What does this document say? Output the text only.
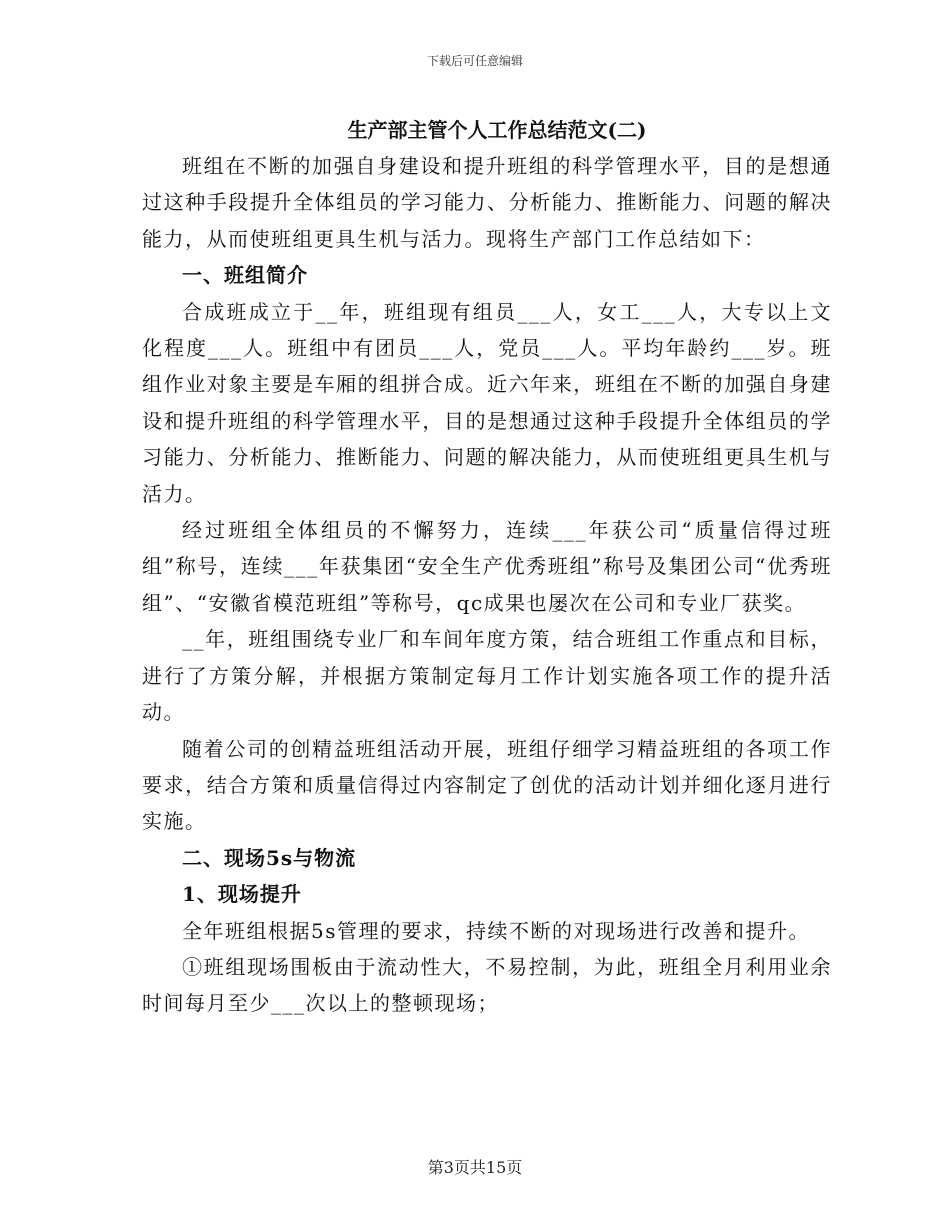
下载后可任意编辑

生产部主管个人工作总结范文(二)

班组在不断的加强自身建设和提升班组的科学管理水平，目的是想通过这种手段提升全体组员的学习能力、分析能力、推断能力、问题的解决能力，从而使班组更具生机与活力。现将生产部门工作总结如下：

一、班组简介

合成班成立于__年，班组现有组员___人，女工___人，大专以上文化程度___人。班组中有团员___人，党员___人。平均年龄约___岁。班组作业对象主要是车厢的组拼合成。近六年来，班组在不断的加强自身建设和提升班组的科学管理水平，目的是想通过这种手段提升全体组员的学习能力、分析能力、推断能力、问题的解决能力，从而使班组更具生机与活力。

经过班组全体组员的不懈努力，连续___年获公司“质量信得过班组”称号，连续___年获集团“安全生产优秀班组”称号及集团公司“优秀班组”、“安徽省模范班组”等称号，qc成果也屡次在公司和专业厂获奖。

__年，班组围绕专业厂和车间年度方策，结合班组工作重点和目标，进行了方策分解，并根据方策制定每月工作计划实施各项工作的提升活动。

随着公司的创精益班组活动开展，班组仔细学习精益班组的各项工作要求，结合方策和质量信得过内容制定了创优的活动计划并细化逐月进行实施。

二、现场5s与物流

1、现场提升

全年班组根据5s管理的要求，持续不断的对现场进行改善和提升。

①班组现场围板由于流动性大，不易控制，为此，班组全月利用业余时间每月至少___次以上的整顿现场；

第3页共15页
